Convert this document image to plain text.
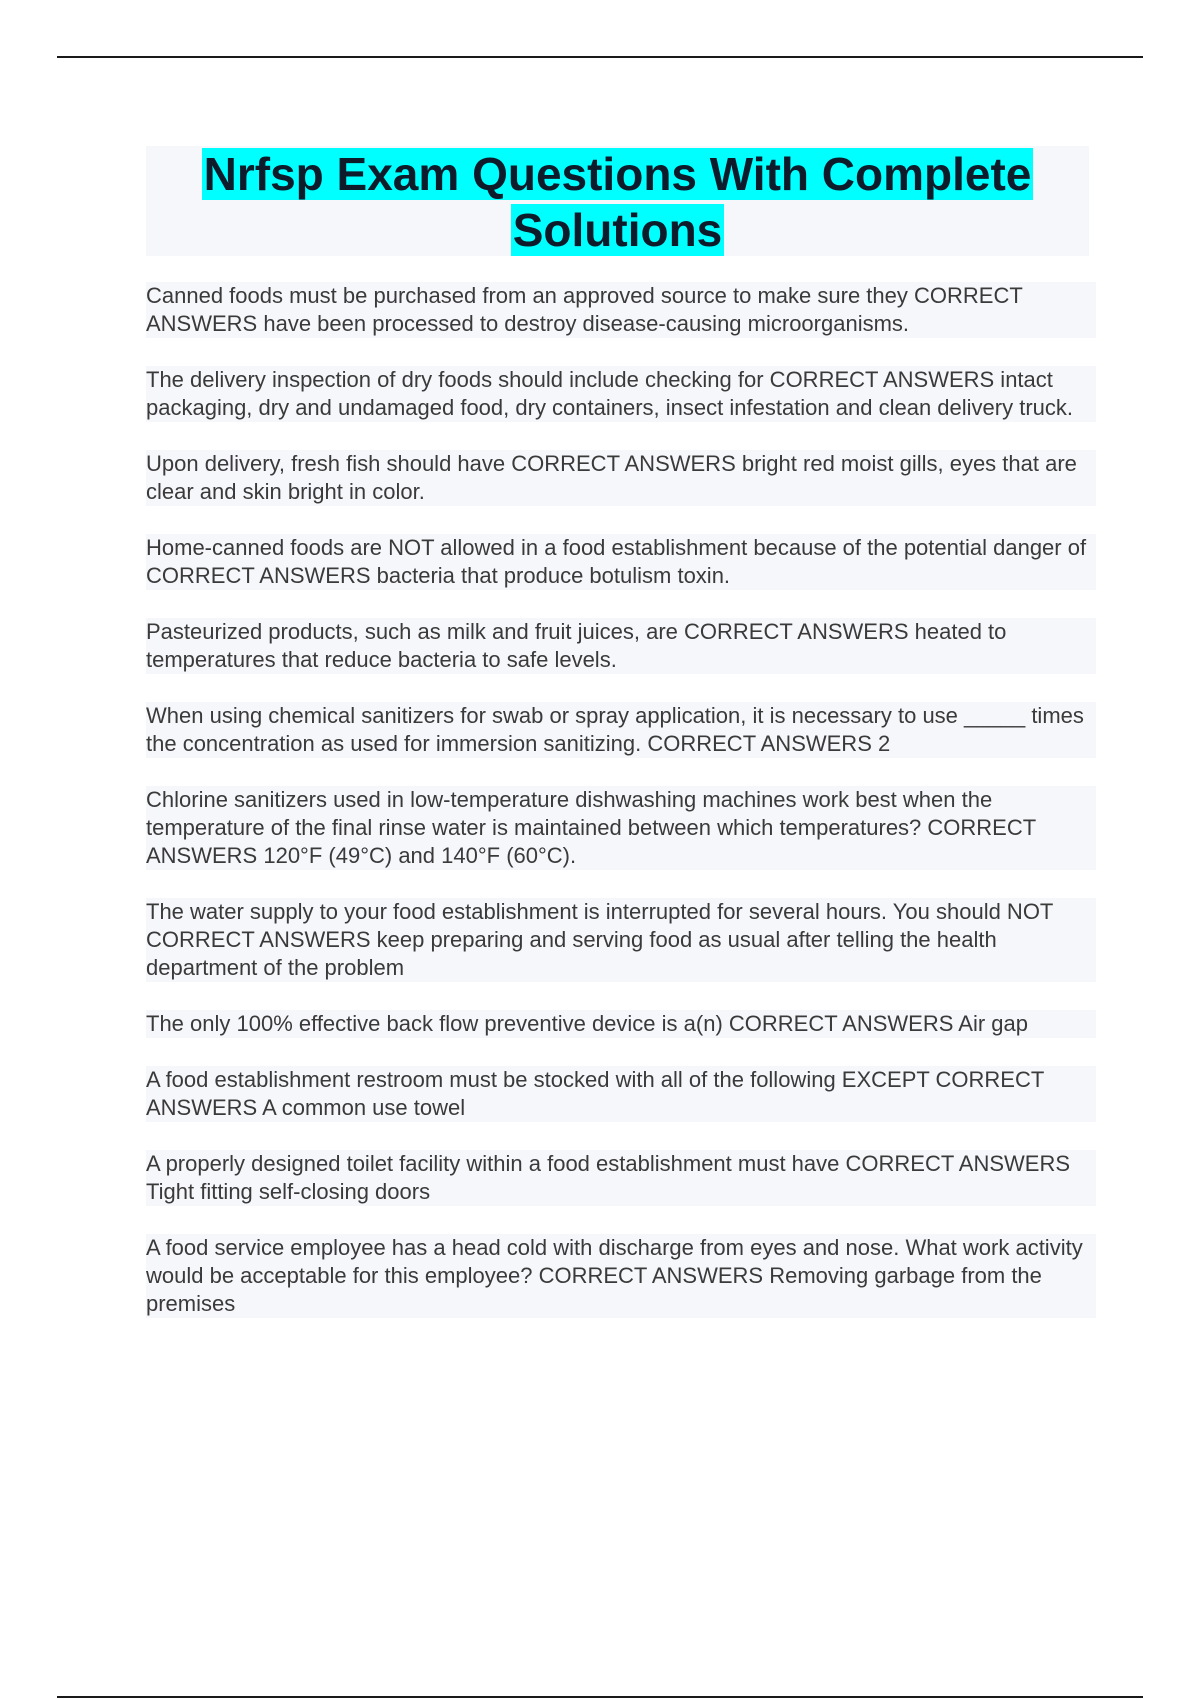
Nrfsp Exam Questions With Complete
Solutions

Canned foods must be purchased from an approved source to make sure they CORRECT ANSWERS have been processed to destroy disease-causing microorganisms.

The delivery inspection of dry foods should include checking for CORRECT ANSWERS intact packaging, dry and undamaged food, dry containers, insect infestation and clean delivery truck.

Upon delivery, fresh fish should have CORRECT ANSWERS bright red moist gills, eyes that are clear and skin bright in color.

Home-canned foods are NOT allowed in a food establishment because of the potential danger of CORRECT ANSWERS bacteria that produce botulism toxin.

Pasteurized products, such as milk and fruit juices, are CORRECT ANSWERS heated to temperatures that reduce bacteria to safe levels.

When using chemical sanitizers for swab or spray application, it is necessary to use _____ times the concentration as used for immersion sanitizing. CORRECT ANSWERS 2

Chlorine sanitizers used in low-temperature dishwashing machines work best when the temperature of the final rinse water is maintained between which temperatures? CORRECT ANSWERS 120°F (49°C) and 140°F (60°C).

The water supply to your food establishment is interrupted for several hours. You should NOT CORRECT ANSWERS keep preparing and serving food as usual after telling the health department of the problem

The only 100% effective back flow preventive device is a(n) CORRECT ANSWERS Air gap

A food establishment restroom must be stocked with all of the following EXCEPT CORRECT ANSWERS A common use towel

A properly designed toilet facility within a food establishment must have CORRECT ANSWERS Tight fitting self-closing doors

A food service employee has a head cold with discharge from eyes and nose. What work activity would be acceptable for this employee? CORRECT ANSWERS Removing garbage from the premises
